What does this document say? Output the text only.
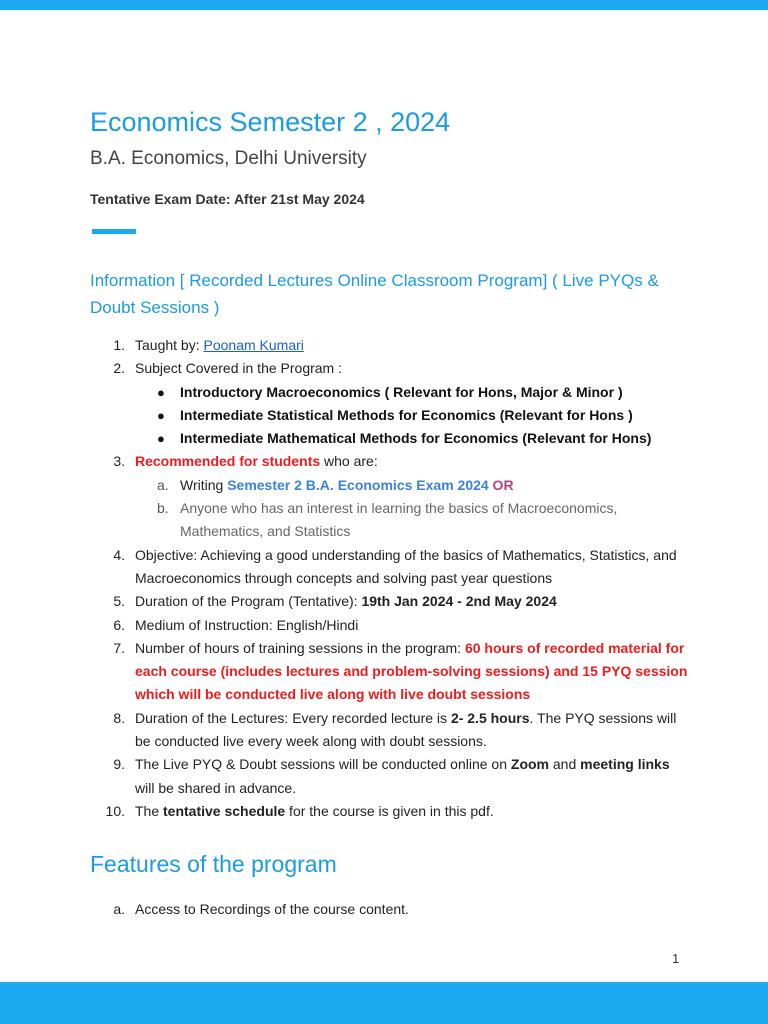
Economics Semester 2 , 2024
B.A. Economics, Delhi University
Tentative Exam Date: After 21st May 2024
Information [ Recorded Lectures Online Classroom Program] ( Live PYQs & Doubt Sessions )
1. Taught by: Poonam Kumari
2. Subject Covered in the Program :
● Introductory Macroeconomics ( Relevant for Hons, Major & Minor )
● Intermediate Statistical Methods for Economics (Relevant for Hons )
● Intermediate Mathematical Methods for Economics (Relevant for Hons)
3. Recommended for students who are:
a. Writing Semester 2 B.A. Economics Exam 2024 OR
b. Anyone who has an interest in learning the basics of Macroeconomics, Mathematics, and Statistics
4. Objective: Achieving a good understanding of the basics of Mathematics, Statistics, and Macroeconomics through concepts and solving past year questions
5. Duration of the Program (Tentative): 19th Jan 2024 - 2nd May 2024
6. Medium of Instruction: English/Hindi
7. Number of hours of training sessions in the program: 60 hours of recorded material for each course (includes lectures and problem-solving sessions) and 15 PYQ session which will be conducted live along with live doubt sessions
8. Duration of the Lectures: Every recorded lecture is 2- 2.5 hours. The PYQ sessions will be conducted live every week along with doubt sessions.
9. The Live PYQ & Doubt sessions will be conducted online on Zoom and meeting links will be shared in advance.
10. The tentative schedule for the course is given in this pdf.
Features of the program
a. Access to Recordings of the course content.
1
